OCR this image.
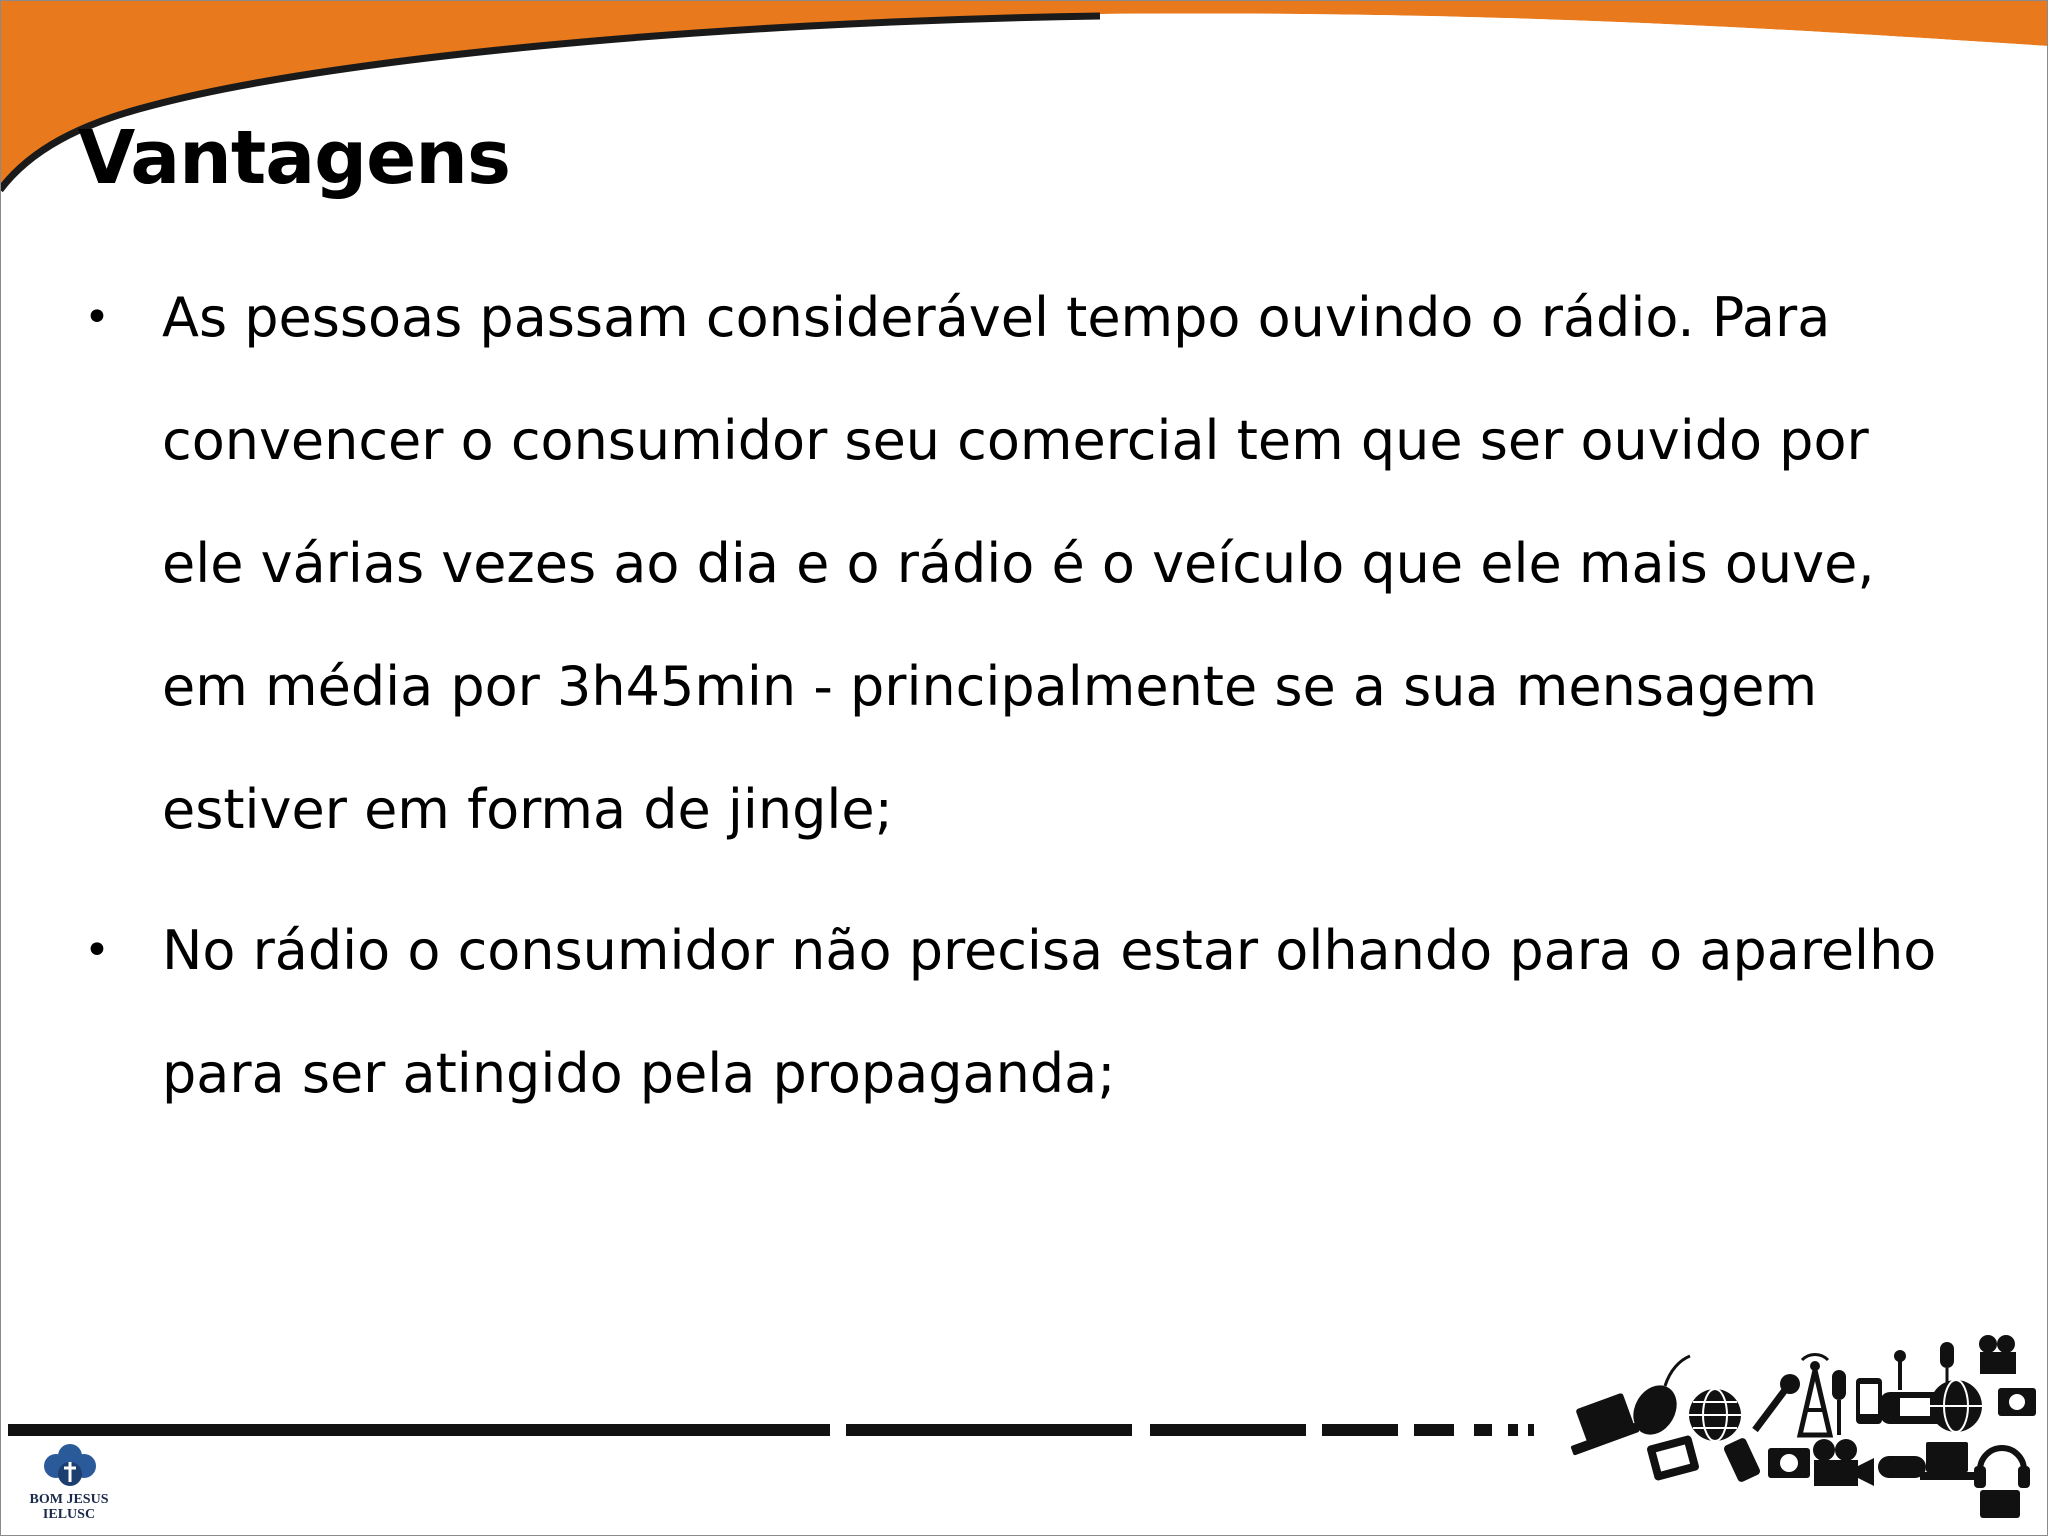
Vantagens
• As pessoas passam considerável tempo ouvindo o rádio. Para convencer o consumidor seu comercial tem que ser ouvido por ele várias vezes ao dia e o rádio é o veículo que ele mais ouve, em média por 3h45min - principalmente se a sua mensagem estiver em forma de jingle;
• No rádio o consumidor não precisa estar olhando para o aparelho para ser atingido pela propaganda;
BOM JESUS
IELUSC
